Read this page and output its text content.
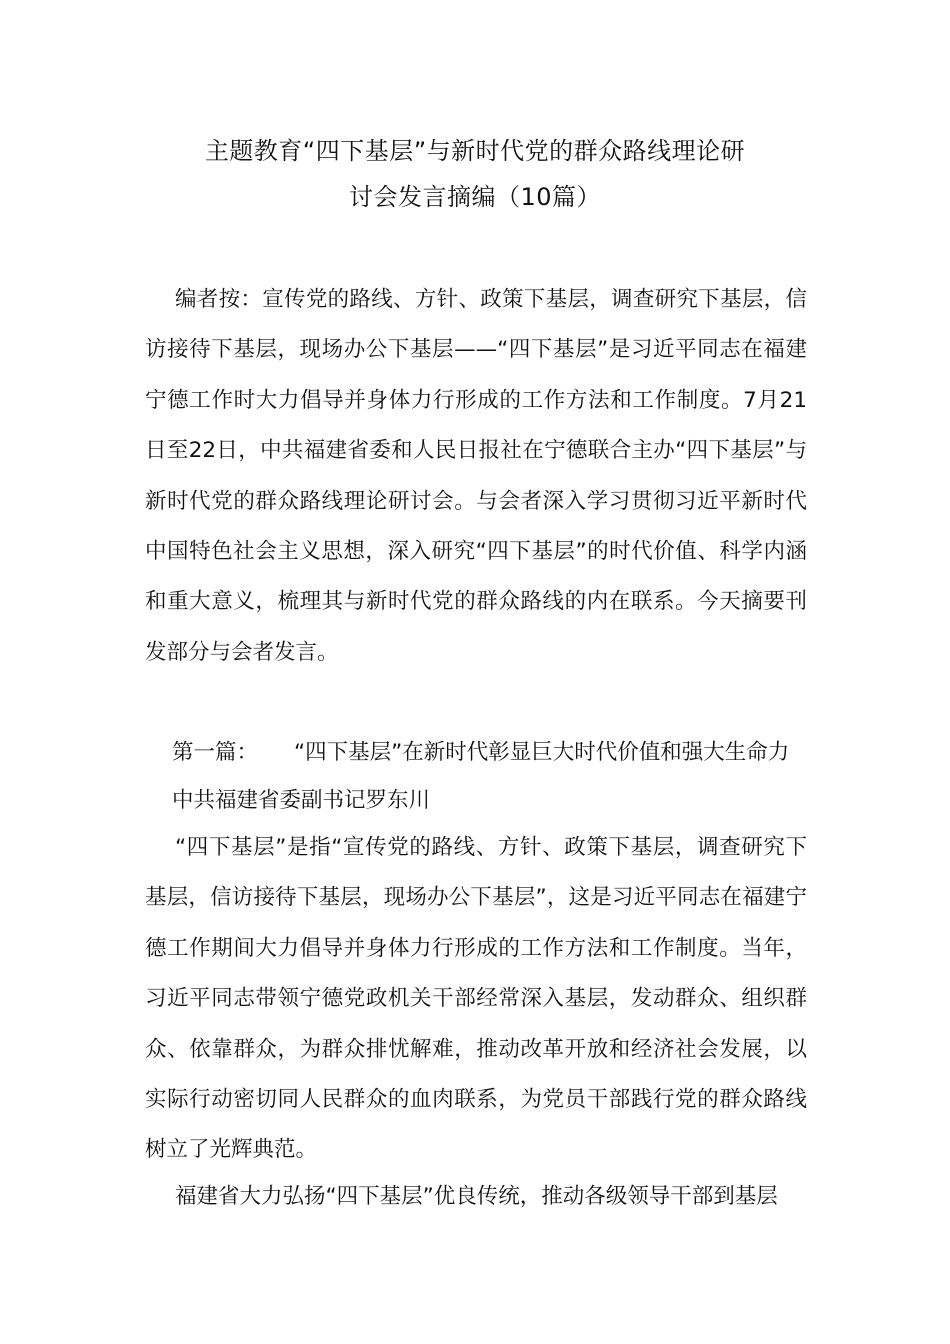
主题教育“四下基层”与新时代党的群众路线理论研
讨会发言摘编（10篇）

编者按：宣传党的路线、方针、政策下基层，调查研究下基层，信访接待下基层，现场办公下基层——“四下基层”是习近平同志在福建宁德工作时大力倡导并身体力行形成的工作方法和工作制度。7月21日至22日，中共福建省委和人民日报社在宁德联合主办“四下基层”与新时代党的群众路线理论研讨会。与会者深入学习贯彻习近平新时代中国特色社会主义思想，深入研究“四下基层”的时代价值、科学内涵和重大意义，梳理其与新时代党的群众路线的内在联系。今天摘要刊发部分与会者发言。

第一篇： “四下基层”在新时代彰显巨大时代价值和强大生命力
中共福建省委副书记罗东川

“四下基层”是指“宣传党的路线、方针、政策下基层，调查研究下基层，信访接待下基层，现场办公下基层”，这是习近平同志在福建宁德工作期间大力倡导并身体力行形成的工作方法和工作制度。当年，习近平同志带领宁德党政机关干部经常深入基层，发动群众、组织群众、依靠群众，为群众排忧解难，推动改革开放和经济社会发展，以实际行动密切同人民群众的血肉联系，为党员干部践行党的群众路线树立了光辉典范。

福建省大力弘扬“四下基层”优良传统，推动各级领导干部到基层
